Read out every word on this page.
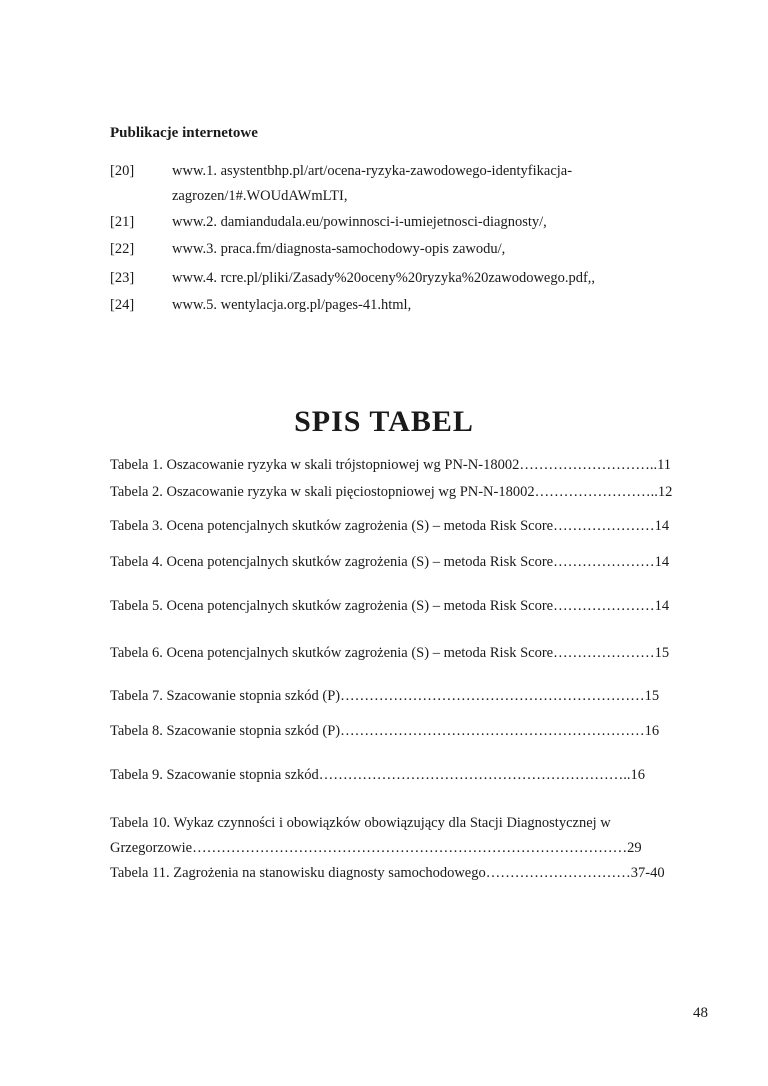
Publikacje internetowe
[20]	www.1. asystentbhp.pl/art/ocena-ryzyka-zawodowego-identyfikacja-
zagrozen/1#.WOUdAWmLTI,
[21]	www.2. damiandudala.eu/powinnosci-i-umiejetnosci-diagnosty/,
[22]	www.3. praca.fm/diagnosta-samochodowy-opis zawodu/,
[23]	www.4. rcre.pl/pliki/Zasady%20oceny%20ryzyka%20zawodowego.pdf,,
[24]	www.5. wentylacja.org.pl/pages-41.html,
SPIS TABEL
Tabela 1. Oszacowanie ryzyka w skali trójstopniowej wg PN-N-18002………………………..11
Tabela 2. Oszacowanie ryzyka w skali pięciostopniowej wg PN-N-18002……………………..12
Tabela 3. Ocena potencjalnych skutków zagrożenia (S) – metoda Risk Score…………………14
Tabela 4. Ocena potencjalnych skutków zagrożenia (S) – metoda Risk Score…………………14
Tabela 5. Ocena potencjalnych skutków zagrożenia (S) – metoda Risk Score…………………14
Tabela 6. Ocena potencjalnych skutków zagrożenia (S) – metoda Risk Score…………………15
Tabela 7. Szacowanie stopnia szkód (P)………………………………………………………15
Tabela 8. Szacowanie stopnia szkód (P)………………………………………………………16
Tabela 9. Szacowanie stopnia szkód………………………………………………………..16
Tabela 10. Wykaz czynności i obowiązków obowiązujący dla Stacji Diagnostycznej w
Grzegorzowie………………………………………………………………………………29
Tabela 11. Zagrożenia na stanowisku diagnosty samochodowego…………………………37-40
48
